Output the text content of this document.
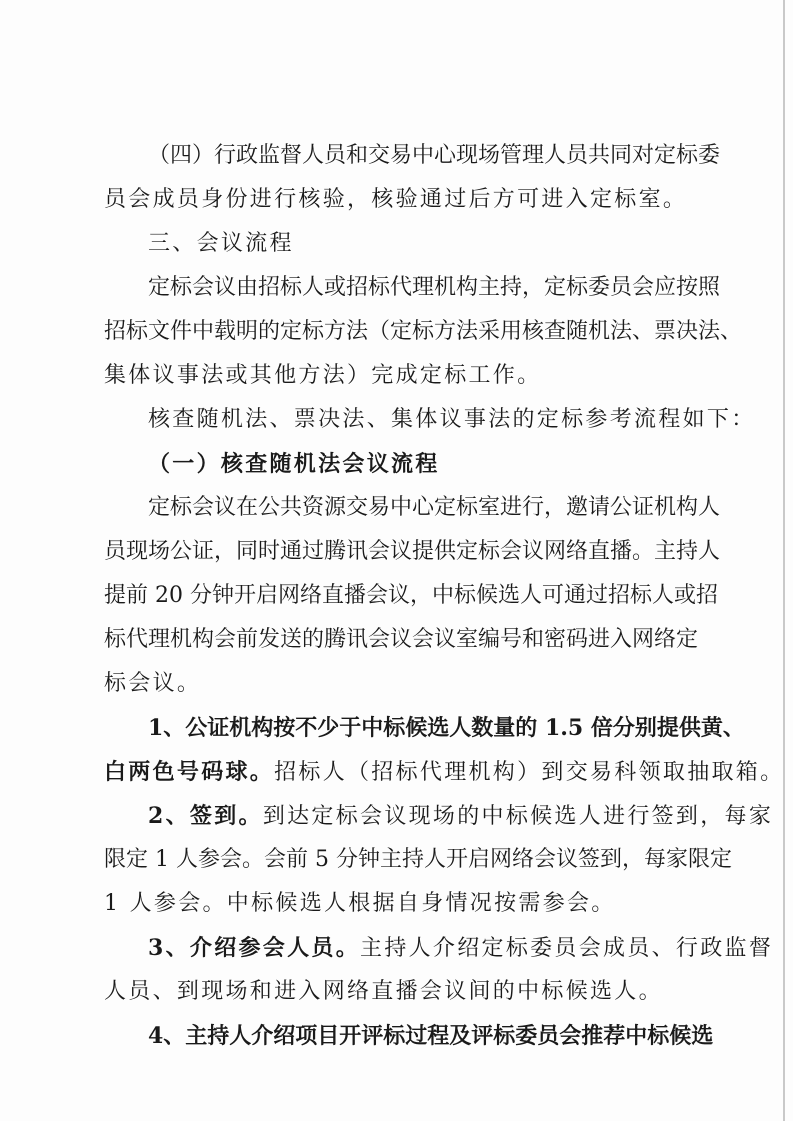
（四）行政监督人员和交易中心现场管理人员共同对定标委
员会成员身份进行核验，核验通过后方可进入定标室。
三、会议流程
定标会议由招标人或招标代理机构主持，定标委员会应按照
招标文件中载明的定标方法（定标方法采用核查随机法、票决法、
集体议事法或其他方法）完成定标工作。
核查随机法、票决法、集体议事法的定标参考流程如下：
（一）核查随机法会议流程
定标会议在公共资源交易中心定标室进行，邀请公证机构人
员现场公证，同时通过腾讯会议提供定标会议网络直播。主持人
提前 20 分钟开启网络直播会议，中标候选人可通过招标人或招
标代理机构会前发送的腾讯会议会议室编号和密码进入网络定
标会议。
1、公证机构按不少于中标候选人数量的 1.5 倍分别提供黄、
白两色号码球。招标人（招标代理机构）到交易科领取抽取箱。
2、签到。到达定标会议现场的中标候选人进行签到，每家
限定 1 人参会。会前 5 分钟主持人开启网络会议签到，每家限定
1 人参会。中标候选人根据自身情况按需参会。
3、介绍参会人员。主持人介绍定标委员会成员、行政监督
人员、到现场和进入网络直播会议间的中标候选人。
4、主持人介绍项目开评标过程及评标委员会推荐中标候选
